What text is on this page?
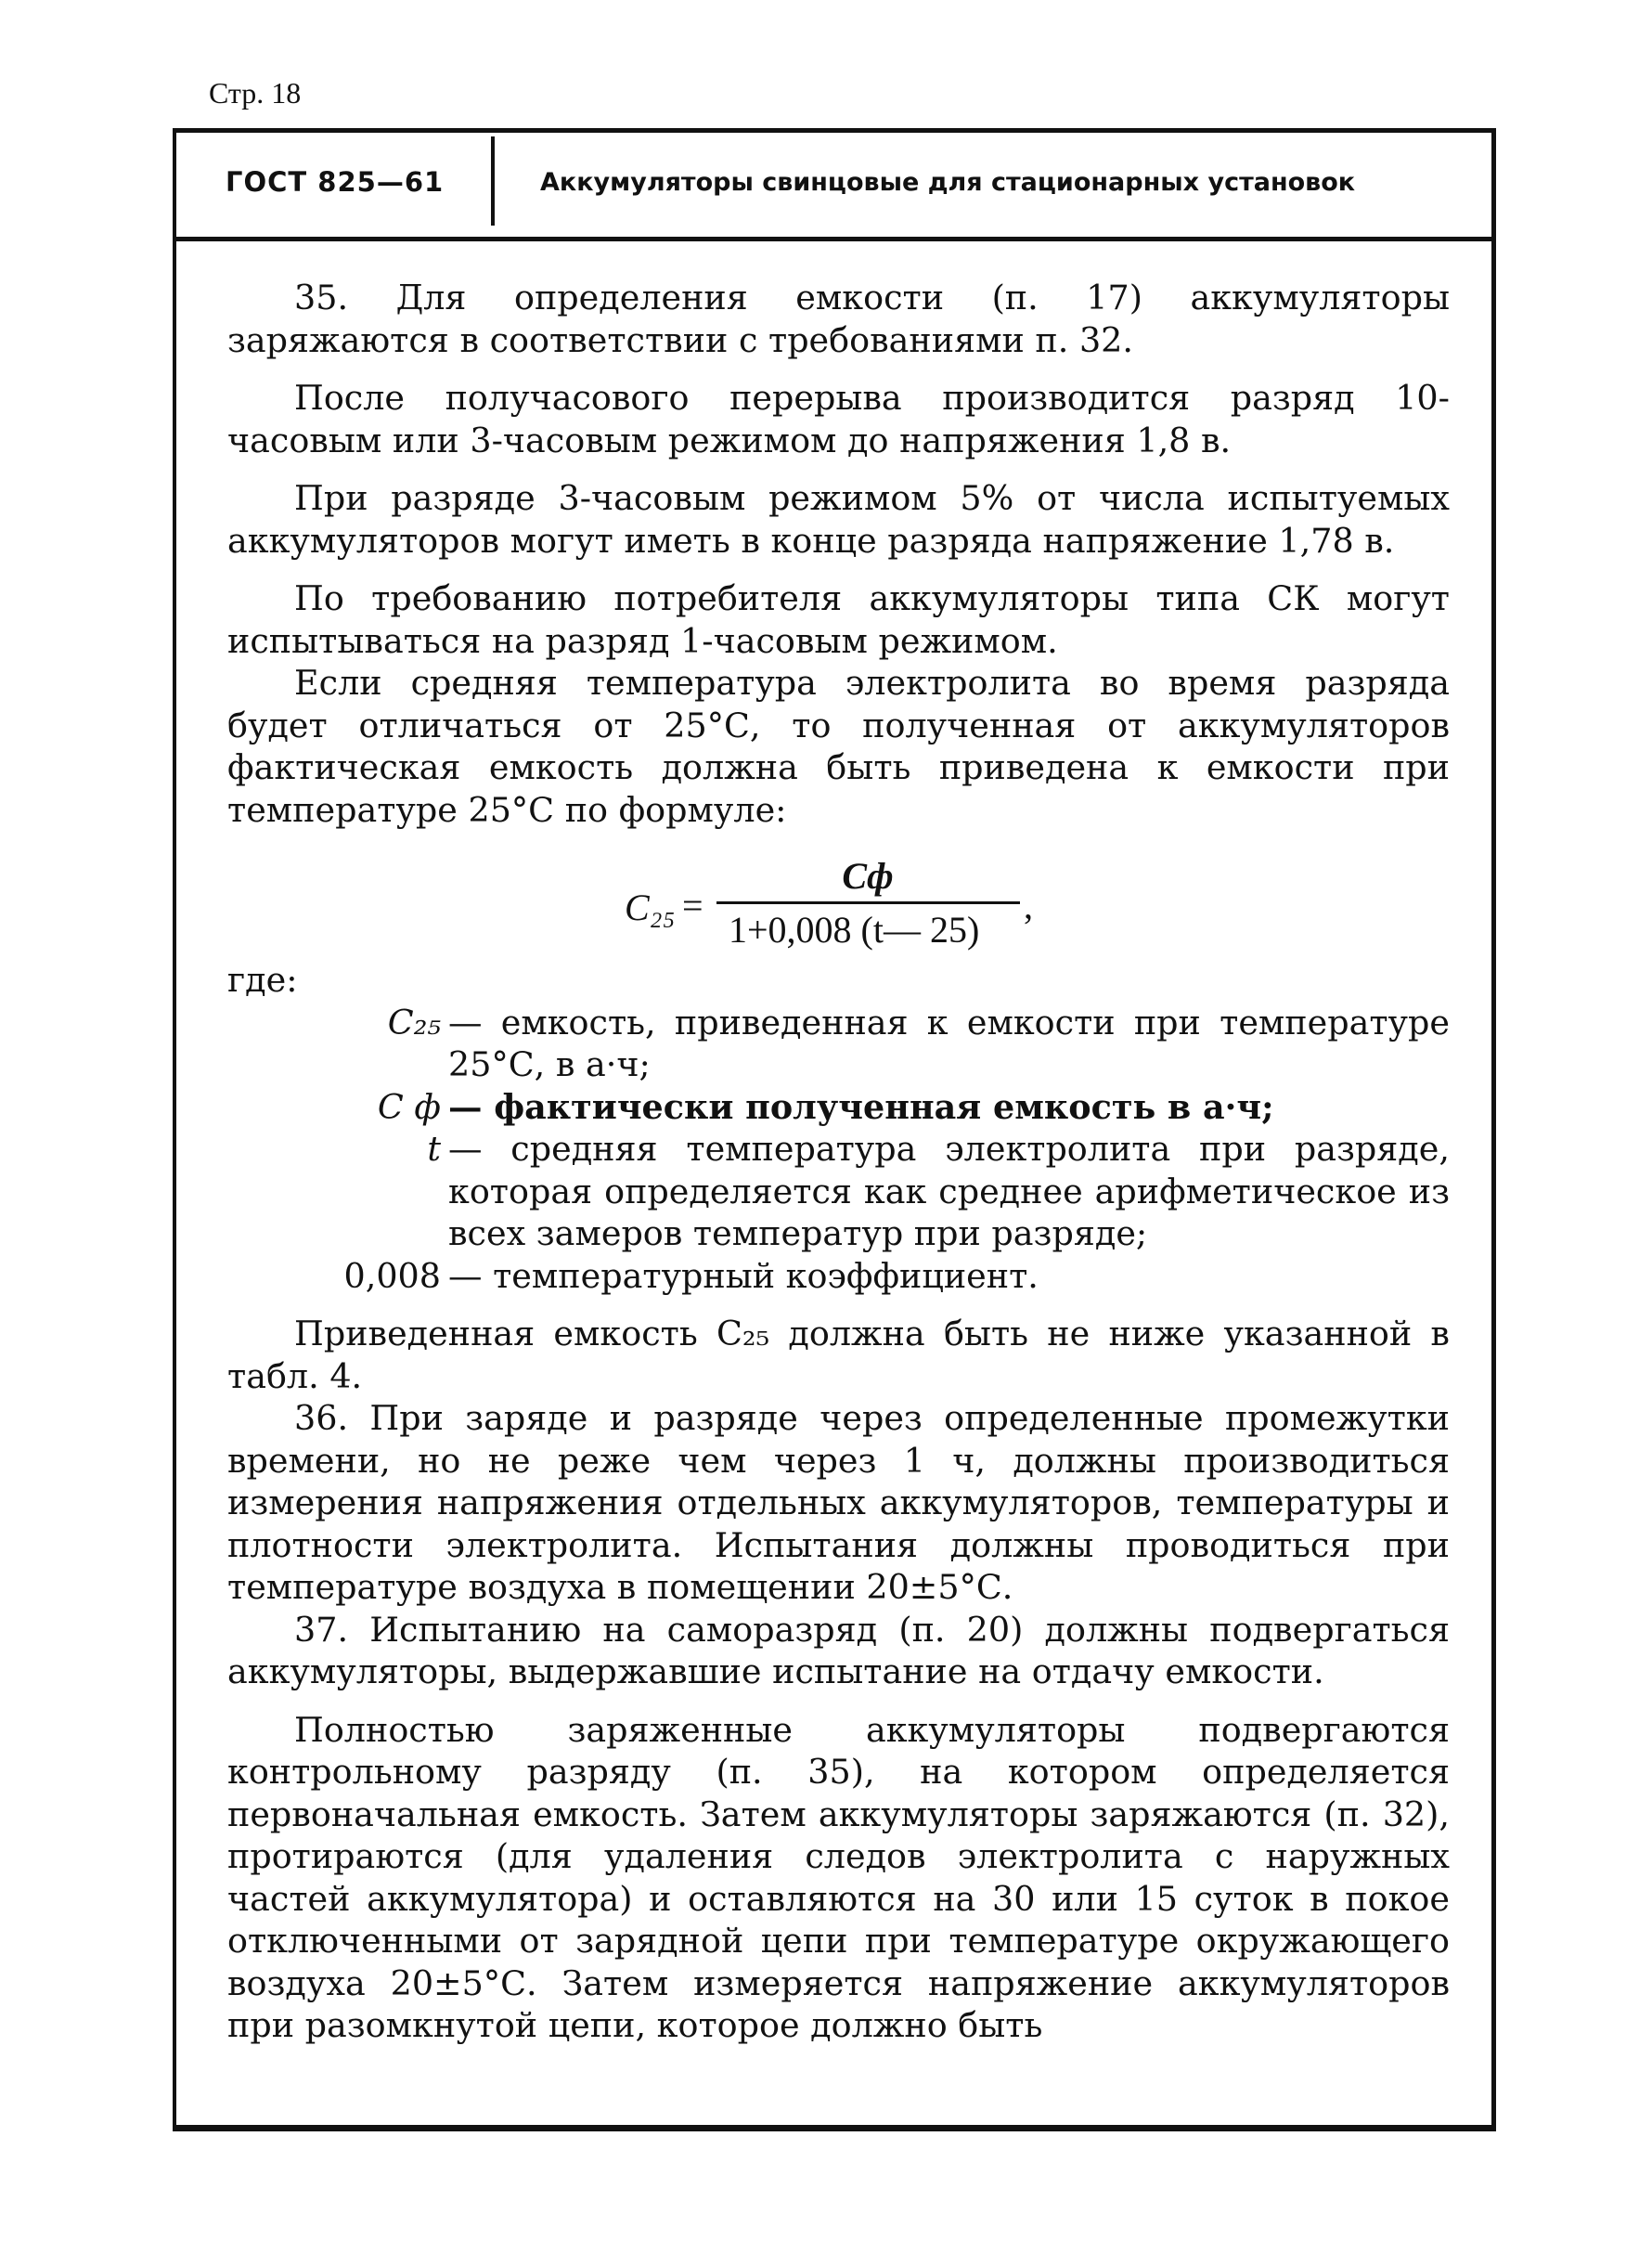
Стр. 18
ГОСТ 825—61	Аккумуляторы свинцовые для стационарных установок

35. Для определения емкости (п. 17) аккумуляторы заряжаются в соответствии с требованиями п. 32.

После получасового перерыва производится разряд 10-часовым или 3-часовым режимом до напряжения 1,8 в.

При разряде 3-часовым режимом 5% от числа испытуемых аккумуляторов могут иметь в конце разряда напряжение 1,78 в.

По требованию потребителя аккумуляторы типа СК могут испытываться на разряд 1-часовым режимом.

Если средняя температура электролита во время разряда будет отличаться от 25°С, то полученная от аккумуляторов фактическая емкость должна быть приведена к емкости при температуре 25°С по формуле:

C₂₅ =
Cф
1+0,008 (t— 25)
,

где:

C₂₅ — емкость, приведенная к емкости при температуре 25°С, в а·ч;
C ф — фактически полученная емкость в а·ч;
t — средняя температура электролита при разряде, которая определяется как среднее арифметическое из всех замеров температур при разряде;
0,008 — температурный коэффициент.

Приведенная емкость C₂₅ должна быть не ниже указанной в табл. 4.

36. При заряде и разряде через определенные промежутки времени, но не реже чем через 1 ч, должны производиться измерения напряжения отдельных аккумуляторов, температуры и плотности электролита. Испытания должны проводиться при температуре воздуха в помещении 20±5°С.

37. Испытанию на саморазряд (п. 20) должны подвергаться аккумуляторы, выдержавшие испытание на отдачу емкости.

Полностью заряженные аккумуляторы подвергаются контрольному разряду (п. 35), на котором определяется первоначальная емкость. Затем аккумуляторы заряжаются (п. 32), протираются (для удаления следов электролита с наружных частей аккумулятора) и оставляются на 30 или 15 суток в покое отключенными от зарядной цепи при температуре окружающего воздуха 20±5°С. Затем измеряется напряжение аккумуляторов при разомкнутой цепи, которое должно быть
